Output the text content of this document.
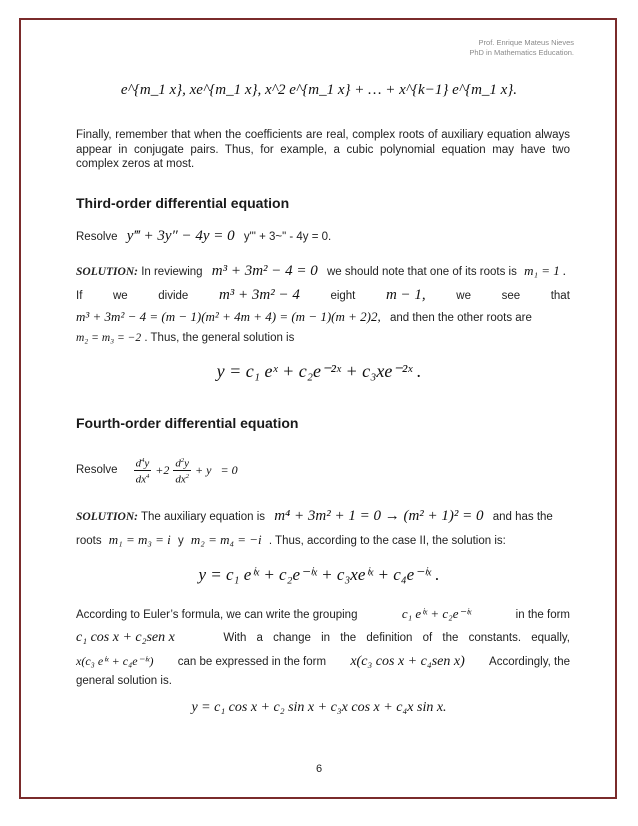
Prof. Enrique Mateus Nieves
PhD in Mathematics Education.
e^{m_1 x}, xe^{m_1 x}, x^2 e^{m_1 x} + … + x^{k−1} e^{m_1 x}.
Finally, remember that when the coefficients are real, complex roots of auxiliary equation always appear in conjugate pairs. Thus, for example, a cubic polynomial equation may have two complex zeros at most.
Third-order differential equation
Resolve y‴ + 3y″ − 4y = 0 y"' + 3~" - 4y = 0.
SOLUTION: In reviewing m³ + 3m² − 4 = 0 we should note that one of its roots is m₁ = 1 .
If	we	divide m³ + 3m² − 4	eight m − 1,	we	see	that
m³ + 3m² − 4 = (m − 1)(m² + 4m + 4) = (m − 1)(m + 2)2, and then the other roots are
m₂ = m₃ = −2 . Thus, the general solution is
y = c₁ eˣ + c₂e⁻²ˣ + c₃xe⁻²ˣ .
Fourth-order differential equation
Resolve $\frac{d^4y}{dx^4} +2 \frac{d^2y}{dx^2} + y = 0$
SOLUTION: The auxiliary equation is m⁴ + 3m² + 1 = 0 → (m² + 1)² = 0 and has the
roots m₁ = m₃ = i y m₂ = m₄ = −i . Thus, according to the case II, the solution is:
y = c₁ eⁱˣ + c₂e⁻ⁱˣ + c₃xeⁱˣ + c₄e⁻ⁱˣ .
According to Euler’s formula, we can write the grouping	c₁ eⁱˣ + c₂e⁻ⁱˣ	in the form
c₁ cos x + c₂sen x	With a change in the definition of the constants. equally,
x(c₃ eⁱˣ + c₄e⁻ⁱˣ) can be expressed in the form x(c₃ cos x + c₄sen x) Accordingly, the
general solution is.
y = c₁ cos x + c₂ sin x + c₃x cos x + c₄x sin x.
6
